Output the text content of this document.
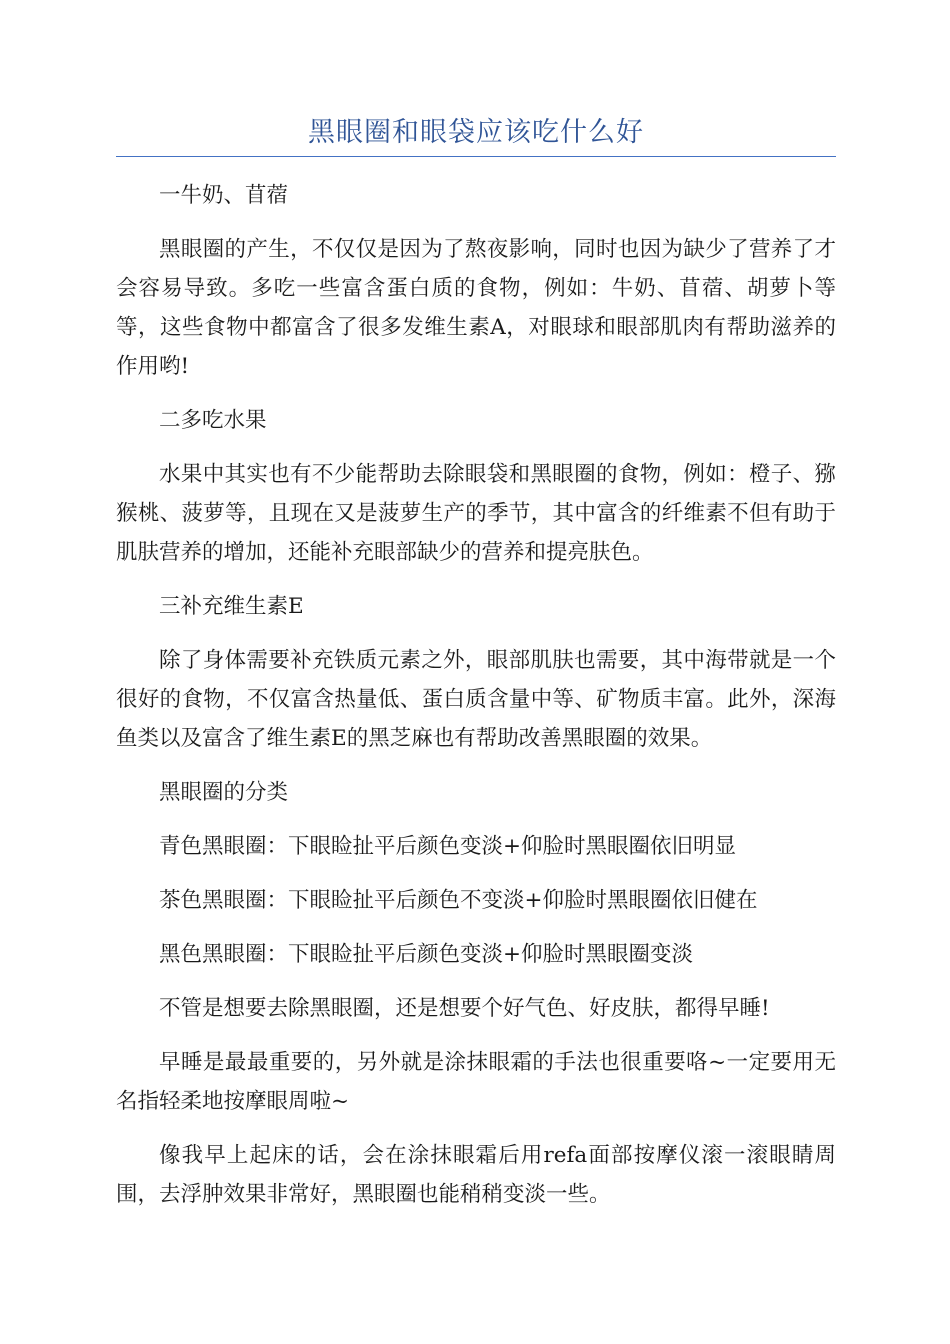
黑眼圈和眼袋应该吃什么好

一牛奶、苜蓿

黑眼圈的产生，不仅仅是因为了熬夜影响，同时也因为缺少了营养了才会容易导致。多吃一些富含蛋白质的食物，例如：牛奶、苜蓿、胡萝卜等等，这些食物中都富含了很多发维生素A，对眼球和眼部肌肉有帮助滋养的作用哟!

二多吃水果

水果中其实也有不少能帮助去除眼袋和黑眼圈的食物，例如：橙子、猕猴桃、菠萝等，且现在又是菠萝生产的季节，其中富含的纤维素不但有助于肌肤营养的增加，还能补充眼部缺少的营养和提亮肤色。

三补充维生素E

除了身体需要补充铁质元素之外，眼部肌肤也需要，其中海带就是一个很好的食物，不仅富含热量低、蛋白质含量中等、矿物质丰富。此外，深海鱼类以及富含了维生素E的黑芝麻也有帮助改善黑眼圈的效果。

黑眼圈的分类

青色黑眼圈：下眼睑扯平后颜色变淡+仰脸时黑眼圈依旧明显

茶色黑眼圈：下眼睑扯平后颜色不变淡+仰脸时黑眼圈依旧健在

黑色黑眼圈：下眼睑扯平后颜色变淡+仰脸时黑眼圈变淡

不管是想要去除黑眼圈，还是想要个好气色、好皮肤，都得早睡!

早睡是最最重要的，另外就是涂抹眼霜的手法也很重要咯~一定要用无名指轻柔地按摩眼周啦~

像我早上起床的话，会在涂抹眼霜后用refa面部按摩仪滚一滚眼睛周围，去浮肿效果非常好，黑眼圈也能稍稍变淡一些。
